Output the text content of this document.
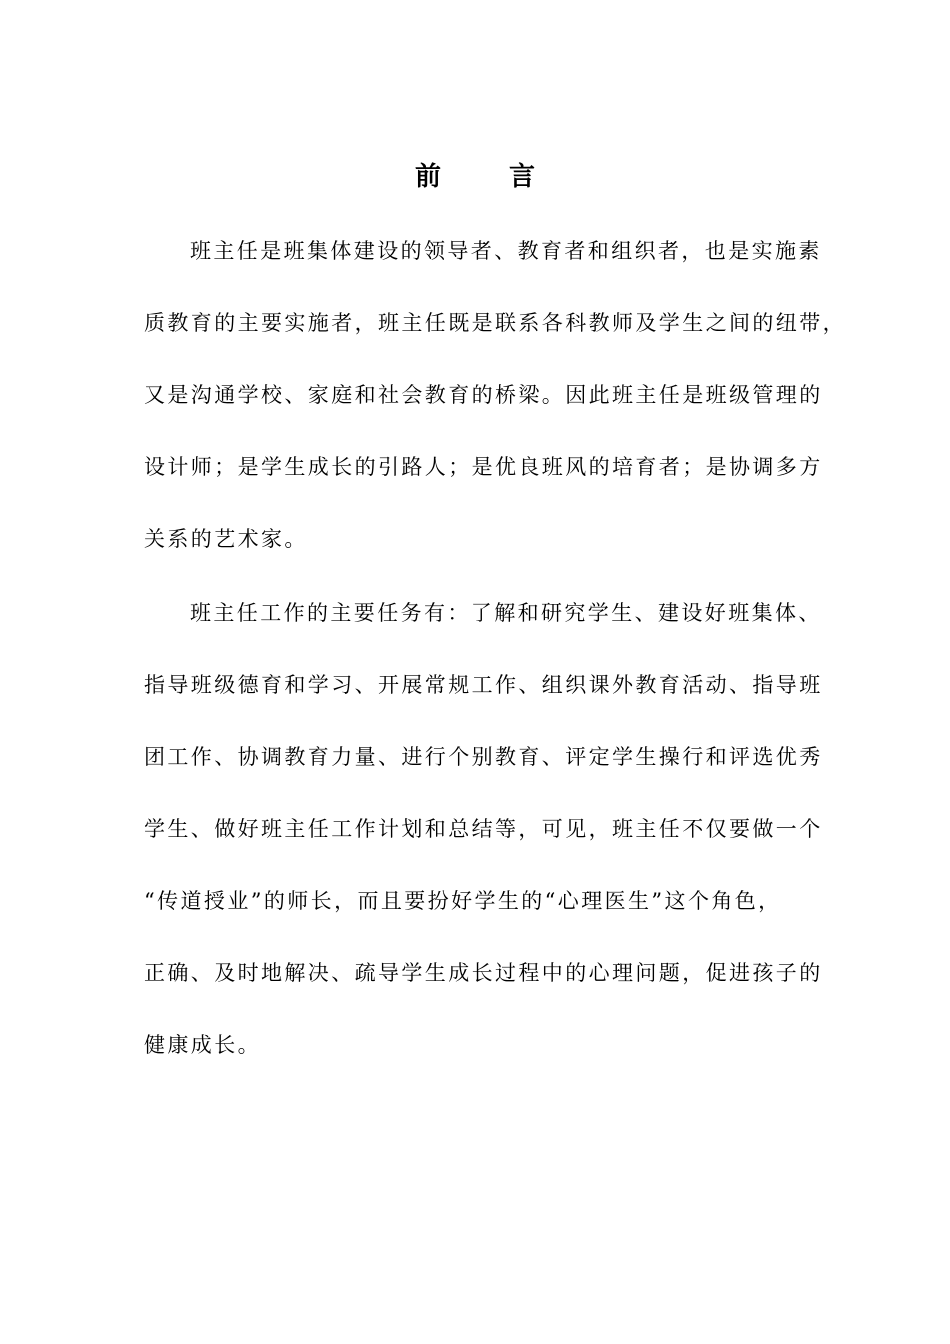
前言
班主任是班集体建设的领导者、教育者和组织者，也是实施素
质教育的主要实施者，班主任既是联系各科教师及学生之间的纽带，
又是沟通学校、家庭和社会教育的桥梁。因此班主任是班级管理的
设计师；是学生成长的引路人；是优良班风的培育者；是协调多方
关系的艺术家。
班主任工作的主要任务有：了解和研究学生、建设好班集体、
指导班级德育和学习、开展常规工作、组织课外教育活动、指导班
团工作、协调教育力量、进行个别教育、评定学生操行和评选优秀
学生、做好班主任工作计划和总结等，可见，班主任不仅要做一个
“传道授业”的师长，而且要扮好学生的“心理医生”这个角色，
正确、及时地解决、疏导学生成长过程中的心理问题，促进孩子的
健康成长。
